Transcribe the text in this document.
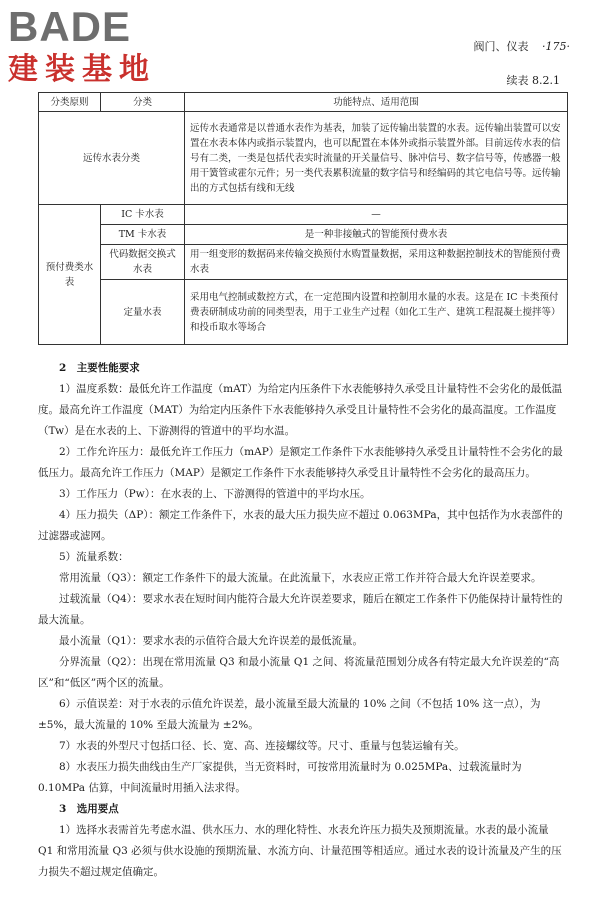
BADE
建装基地
阀门、仪表 ·175·
续表 8.2.1
分类原则	分类	功能特点、适用范围
远传水表分类		远传水表通常是以普通水表作为基表，加装了远传输出装置的水表。远传输出装置可以安置在水表本体内或指示装置内，也可以配置在本体外或指示装置外部。目前远传水表的信号有二类，一类是包括代表实时流量的开关量信号、脉冲信号、数字信号等，传感器一般用干簧管或霍尔元件；另一类代表累积流量的数字信号和经编码的其它电信号等。远传输出的方式包括有线和无线
预付费类水表	IC 卡水表	—
	TM 卡水表	是一种非接触式的智能预付费水表
	代码数据交换式水表	用一组变形的数据码来传输交换预付水购置量数据，采用这种数据控制技术的智能预付费水表
	定量水表	采用电气控制或数控方式，在一定范围内设置和控制用水量的水表。这是在 IC 卡类预付费表研制成功前的同类型表，用于工业生产过程（如化工生产、建筑工程混凝土搅拌等）和投币取水等场合

2　主要性能要求

1）温度系数：最低允许工作温度（mAT）为给定内压条件下水表能够持久承受且计量特性不会劣化的最低温度。最高允许工作温度（MAT）为给定内压条件下水表能够持久承受且计量特性不会劣化的最高温度。工作温度（Tw）是在水表的上、下游测得的管道中的平均水温。

2）工作允许压力：最低允许工作压力（mAP）是额定工作条件下水表能够持久承受且计量特性不会劣化的最低压力。最高允许工作压力（MAP）是额定工作条件下水表能够持久承受且计量特性不会劣化的最高压力。

3）工作压力（Pw）：在水表的上、下游测得的管道中的平均水压。

4）压力损失（ΔP）：额定工作条件下，水表的最大压力损失应不超过 0.063MPa，其中包括作为水表部件的过滤器或滤网。

5）流量系数：

常用流量（Q3）：额定工作条件下的最大流量。在此流量下，水表应正常工作并符合最大允许误差要求。

过载流量（Q4）：要求水表在短时间内能符合最大允许误差要求，随后在额定工作条件下仍能保持计量特性的最大流量。

最小流量（Q1）：要求水表的示值符合最大允许误差的最低流量。

分界流量（Q2）：出现在常用流量 Q3 和最小流量 Q1 之间、将流量范围划分成各有特定最大允许误差的“高区”和“低区”两个区的流量。

6）示值误差：对于水表的示值允许误差，最小流量至最大流量的 10% 之间（不包括 10% 这一点），为 ±5%，最大流量的 10% 至最大流量为 ±2%。

7）水表的外型尺寸包括口径、长、宽、高、连接螺纹等。尺寸、重量与包装运输有关。

8）水表压力损失曲线由生产厂家提供，当无资料时，可按常用流量时为 0.025MPa、过载流量时为 0.10MPa 估算，中间流量时用插入法求得。

3　选用要点

1）选择水表需首先考虑水温、供水压力、水的理化特性、水表允许压力损失及预期流量。水表的最小流量 Q1 和常用流量 Q3 必须与供水设施的预期流量、水流方向、计量范围等相适应。通过水表的设计流量及产生的压力损失不超过规定值确定。
